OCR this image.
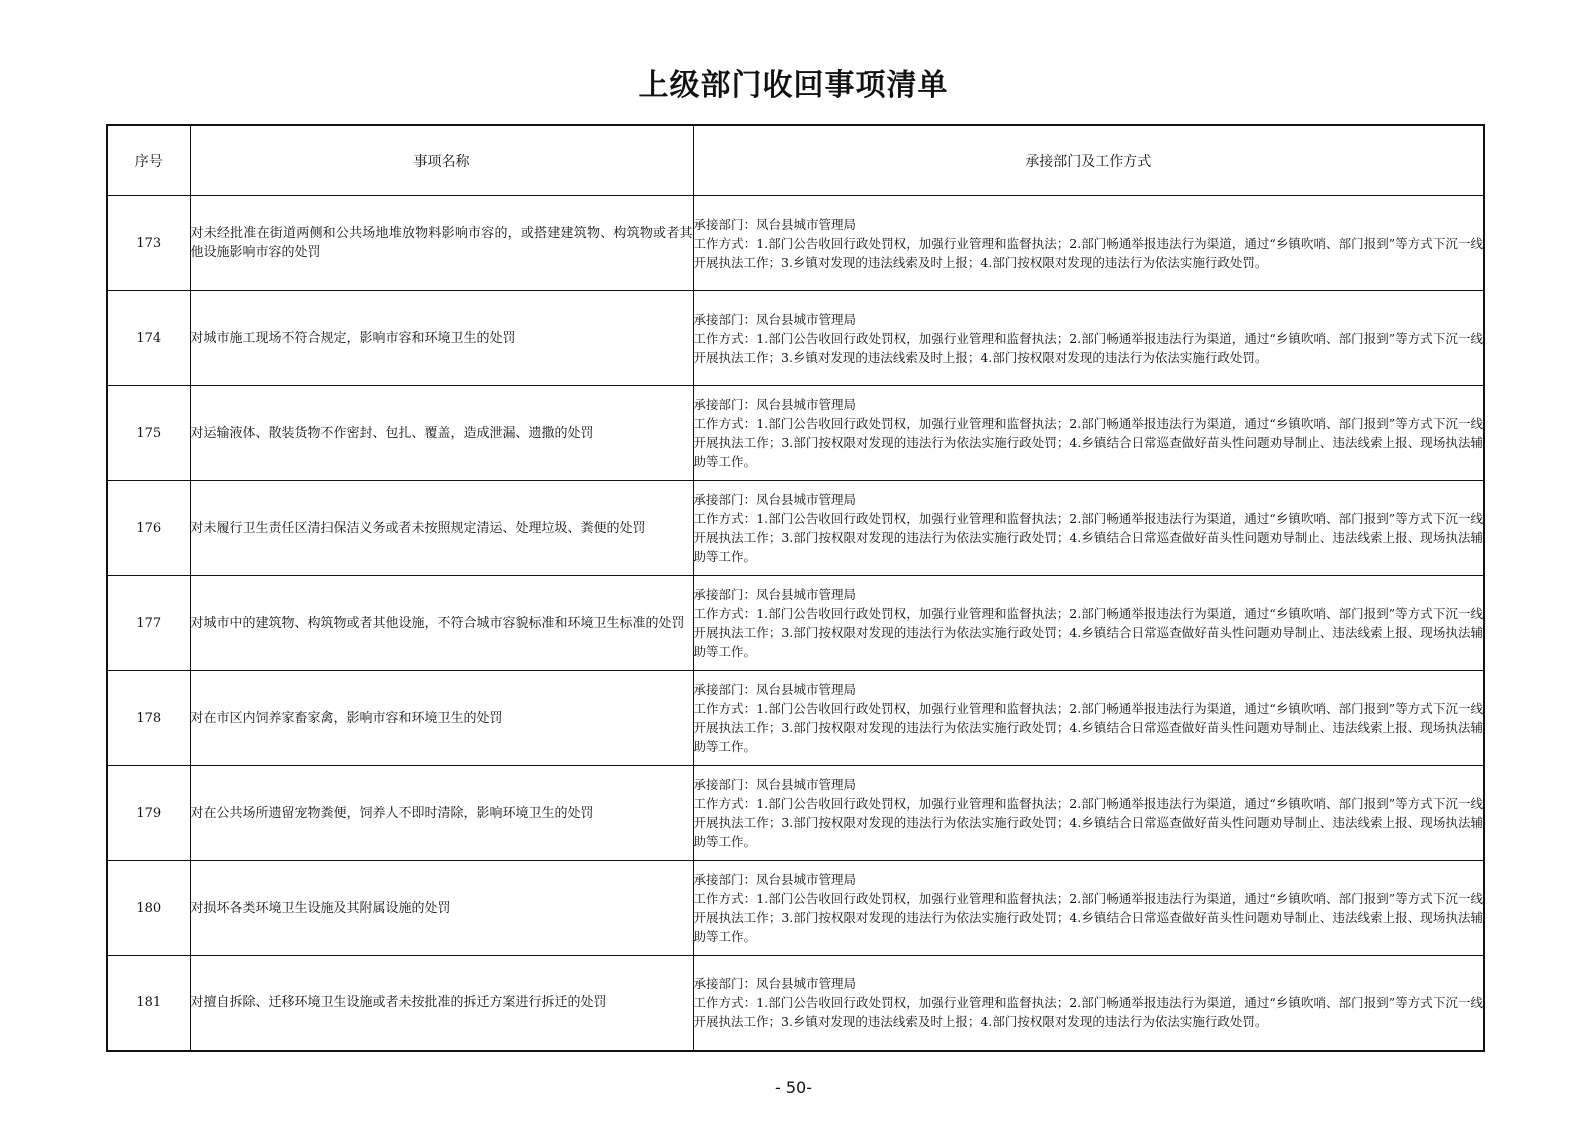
上级部门收回事项清单
序号	事项名称	承接部门及工作方式
173	对未经批准在街道两侧和公共场地堆放物料影响市容的，或搭建建筑物、构筑物或者其他设施影响市容的处罚	承接部门：凤台县城市管理局
工作方式：1.部门公告收回行政处罚权，加强行业管理和监督执法；2.部门畅通举报违法行为渠道，通过“乡镇吹哨、部门报到”等方式下沉一线开展执法工作；3.乡镇对发现的违法线索及时上报；4.部门按权限对发现的违法行为依法实施行政处罚。

174	对城市施工现场不符合规定，影响市容和环境卫生的处罚	承接部门：凤台县城市管理局
工作方式：1.部门公告收回行政处罚权，加强行业管理和监督执法；2.部门畅通举报违法行为渠道，通过“乡镇吹哨、部门报到”等方式下沉一线开展执法工作；3.乡镇对发现的违法线索及时上报；4.部门按权限对发现的违法行为依法实施行政处罚。

175	对运输液体、散装货物不作密封、包扎、覆盖，造成泄漏、遗撒的处罚	承接部门：凤台县城市管理局
工作方式：1.部门公告收回行政处罚权，加强行业管理和监督执法；2.部门畅通举报违法行为渠道，通过“乡镇吹哨、部门报到”等方式下沉一线开展执法工作；3.部门按权限对发现的违法行为依法实施行政处罚；4.乡镇结合日常巡查做好苗头性问题劝导制止、违法线索上报、现场执法辅助等工作。

176	对未履行卫生责任区清扫保洁义务或者未按照规定清运、处理垃圾、粪便的处罚	承接部门：凤台县城市管理局
工作方式：1.部门公告收回行政处罚权，加强行业管理和监督执法；2.部门畅通举报违法行为渠道，通过“乡镇吹哨、部门报到”等方式下沉一线开展执法工作；3.部门按权限对发现的违法行为依法实施行政处罚；4.乡镇结合日常巡查做好苗头性问题劝导制止、违法线索上报、现场执法辅助等工作。

177	对城市中的建筑物、构筑物或者其他设施，不符合城市容貌标准和环境卫生标准的处罚	承接部门：凤台县城市管理局
工作方式：1.部门公告收回行政处罚权，加强行业管理和监督执法；2.部门畅通举报违法行为渠道，通过“乡镇吹哨、部门报到”等方式下沉一线开展执法工作；3.部门按权限对发现的违法行为依法实施行政处罚；4.乡镇结合日常巡查做好苗头性问题劝导制止、违法线索上报、现场执法辅助等工作。

178	对在市区内饲养家畜家禽，影响市容和环境卫生的处罚	承接部门：凤台县城市管理局
工作方式：1.部门公告收回行政处罚权，加强行业管理和监督执法；2.部门畅通举报违法行为渠道，通过“乡镇吹哨、部门报到”等方式下沉一线开展执法工作；3.部门按权限对发现的违法行为依法实施行政处罚；4.乡镇结合日常巡查做好苗头性问题劝导制止、违法线索上报、现场执法辅助等工作。

179	对在公共场所遗留宠物粪便，饲养人不即时清除，影响环境卫生的处罚	承接部门：凤台县城市管理局
工作方式：1.部门公告收回行政处罚权，加强行业管理和监督执法；2.部门畅通举报违法行为渠道，通过“乡镇吹哨、部门报到”等方式下沉一线开展执法工作；3.部门按权限对发现的违法行为依法实施行政处罚；4.乡镇结合日常巡查做好苗头性问题劝导制止、违法线索上报、现场执法辅助等工作。

180	对损坏各类环境卫生设施及其附属设施的处罚	承接部门：凤台县城市管理局
工作方式：1.部门公告收回行政处罚权，加强行业管理和监督执法；2.部门畅通举报违法行为渠道，通过“乡镇吹哨、部门报到”等方式下沉一线开展执法工作；3.部门按权限对发现的违法行为依法实施行政处罚；4.乡镇结合日常巡查做好苗头性问题劝导制止、违法线索上报、现场执法辅助等工作。

181	对擅自拆除、迁移环境卫生设施或者未按批准的拆迁方案进行拆迁的处罚	承接部门：凤台县城市管理局
工作方式：1.部门公告收回行政处罚权，加强行业管理和监督执法；2.部门畅通举报违法行为渠道，通过“乡镇吹哨、部门报到”等方式下沉一线开展执法工作；3.乡镇对发现的违法线索及时上报；4.部门按权限对发现的违法行为依法实施行政处罚。
- 50-
